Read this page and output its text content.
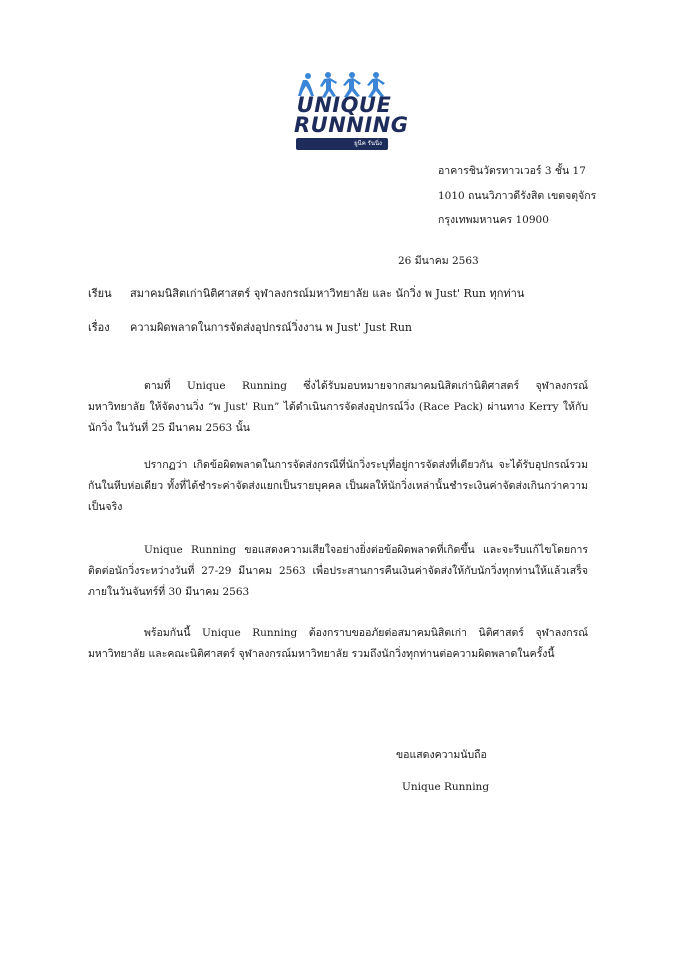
UNIQUE
RUNNING
ยูนีค รันนิ่ง
อาคารชินวัตรทาวเวอร์ 3 ชั้น 17
1010 ถนนวิภาวดีรังสิต เขตจตุจักร
กรุงเทพมหานคร 10900
26 มีนาคม 2563
เรียน สมาคมนิสิตเก่านิติศาสตร์ จุฬาลงกรณ์มหาวิทยาลัย และ นักวิ่ง พ Just' Run ทุกท่าน
เรื่อง ความผิดพลาดในการจัดส่งอุปกรณ์วิ่งงาน พ Just' Just Run
ตามที่ Unique Running ซึ่งได้รับมอบหมายจากสมาคมนิสิตเก่านิติศาสตร์ จุฬาลงกรณ์มหาวิทยาลัย ให้จัดงานวิ่ง “พ Just' Run” ได้ดำเนินการจัดส่งอุปกรณ์วิ่ง (Race Pack) ผ่านทาง Kerry ให้กับนักวิ่ง ในวันที่ 25 มีนาคม 2563 นั้น
ปรากฏว่า เกิดข้อผิดพลาดในการจัดส่งกรณีที่นักวิ่งระบุที่อยู่การจัดส่งที่เดียวกัน จะได้รับอุปกรณ์รวมกันในหีบห่อเดียว ทั้งที่ได้ชำระค่าจัดส่งแยกเป็นรายบุคคล เป็นผลให้นักวิ่งเหล่านั้นชำระเงินค่าจัดส่งเกินกว่าความเป็นจริง
Unique Running ขอแสดงความเสียใจอย่างยิ่งต่อข้อผิดพลาดที่เกิดขึ้น และจะรีบแก้ไขโดยการติดต่อนักวิ่งระหว่างวันที่ 27-29 มีนาคม 2563 เพื่อประสานการคืนเงินค่าจัดส่งให้กับนักวิ่งทุกท่านให้แล้วเสร็จภายในวันจันทร์ที่ 30 มีนาคม 2563
พร้อมกันนี้ Unique Running ต้องกราบขออภัยต่อสมาคมนิสิตเก่า นิติศาสตร์ จุฬาลงกรณ์มหาวิทยาลัย และคณะนิติศาสตร์ จุฬาลงกรณ์มหาวิทยาลัย รวมถึงนักวิ่งทุกท่านต่อความผิดพลาดในครั้งนี้
ขอแสดงความนับถือ
Unique Running
